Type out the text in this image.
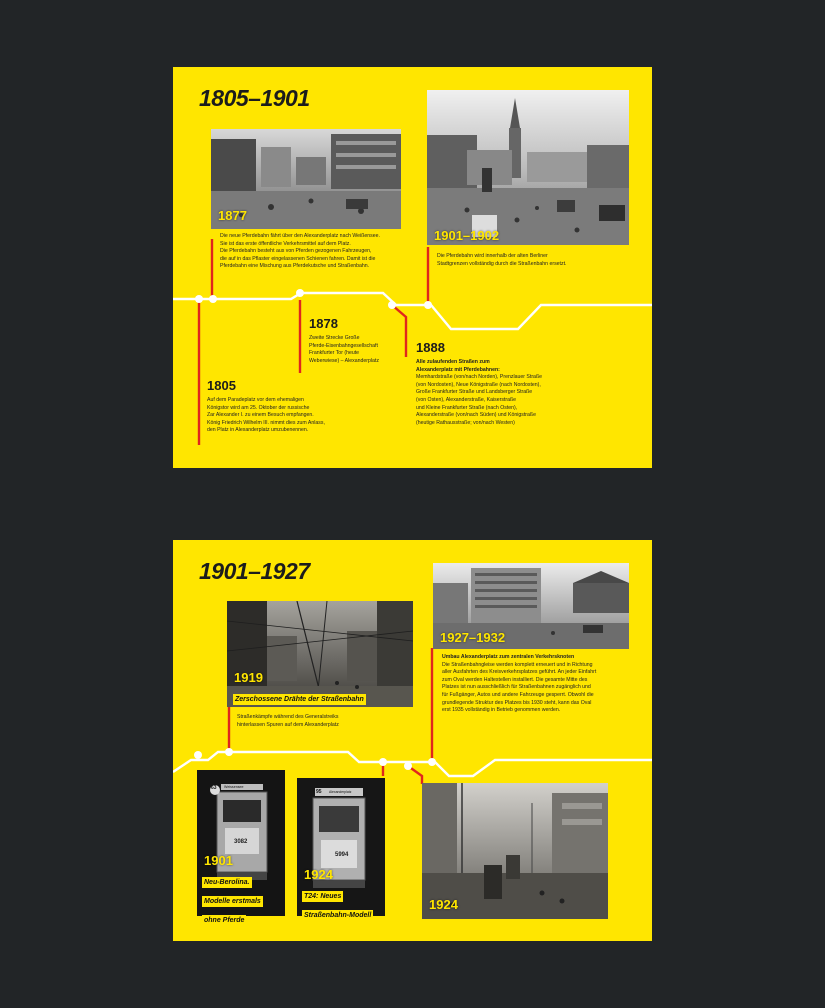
1805–1901
1877
Die neue Pferdebahn fährt über den Alexanderplatz nach Weißensee.
Sie ist das erste öffentliche Verkehrsmittel auf dem Platz.
Die Pferdebahn besteht aus von Pferden gezogenen Fahrzeugen,
die auf in das Pflaster eingelassenen Schienen fahren. Damit ist die
Pferdebahn eine Mischung aus Pferdekutsche und Straßenbahn.
1901–1902
Die Pferdebahn wird innerhalb der alten Berliner
Stadtgrenzen vollständig durch die Straßenbahn ersetzt.
1878
Zweite Strecke Große
Pferde-Eisenbahngesellschaft
Frankfurter Tor (heute
Weberwiese) – Alexanderplatz
1805
Auf dem Paradeplatz vor dem ehemaligen
Königstor wird am 25. Oktober der russische
Zar Alexander I. zu einem Besuch empfangen.
König Friedrich Wilhelm III. nimmt dies zum Anlass,
den Platz in Alexanderplatz umzubenennen.
1888
Alle zulaufenden Straßen zum
Alexanderplatz mit Pferdebahnen:
Memhardstraße (von/nach Norden), Prenzlauer Straße
(von Nordosten), Neue Königstraße (nach Nordosten),
Große Frankfurter Straße und Landsberger Straße
(von Osten), Alexanderstraße, Kaiserstraße
und Kleine Frankfurter Straße (nach Osten),
Alexanderstraße (von/nach Süden) und Königstraße
(heutige Rathausstraße; von/nach Westen)
1901–1927
1919
Zerschossene Drähte der Straßenbahn
Straßenkämpfe während des Generalstreiks
hinterlassen Spuren auf dem Alexanderplatz
1927–1932
Umbau Alexanderplatz zum zentralen Verkehrsknoten
Die Straßenbahngleise werden komplett erneuert und in Richtung
aller Ausfahrten des Kreisverkehrsplatzes geführt. An jeder Einfahrt
zum Oval werden Haltestellen installiert. Die gesamte Mitte des
Platzes ist nun ausschließlich für Straßenbahnen zugänglich und
für Fußgänger, Autos und andere Fahrzeuge gesperrt. Obwohl die
grundlegende Struktur des Platzes bis 1930 steht, kann das Oval
erst 1935 vollständig in Betrieb genommen werden.
63 Weissensee
3082
1901
Neu-Berolina.
Modelle erstmals
ohne Pferde
95 Alexanderplatz
5994
1924
T24: Neues
Straßenbahn-Modell
1924
